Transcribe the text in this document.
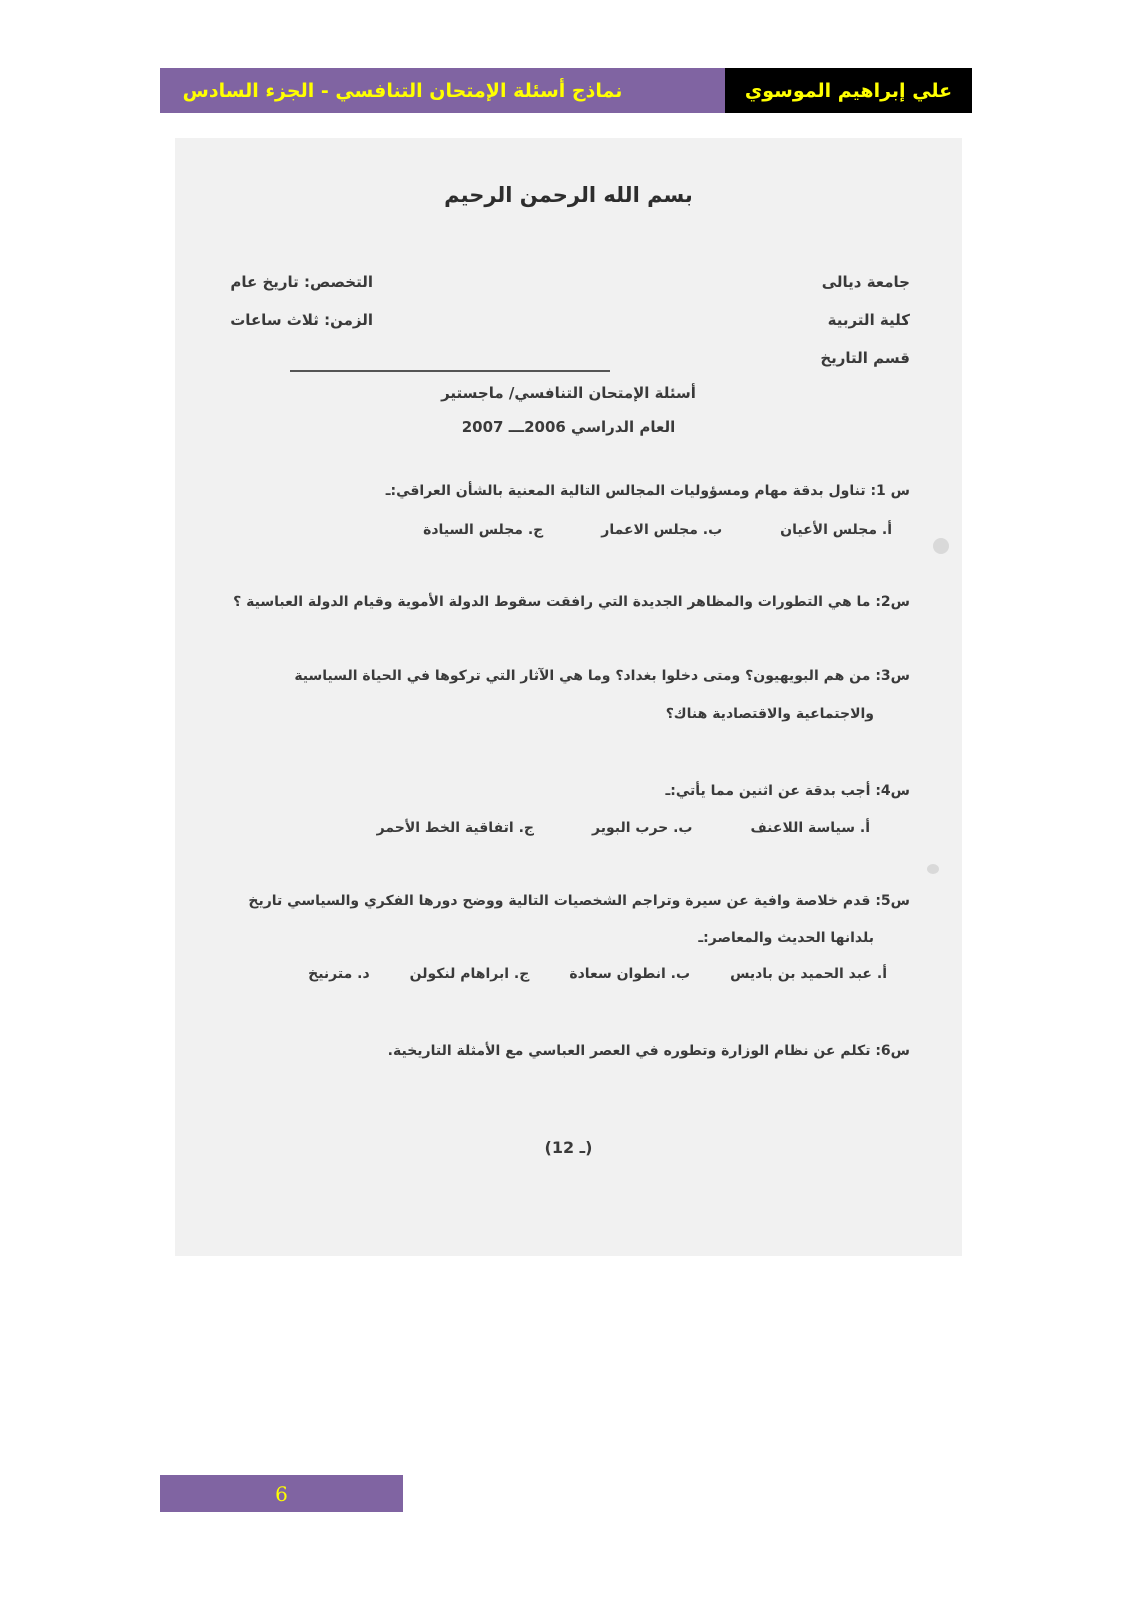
نماذج أسئلة الإمتحان التنافسي - الجزء السادس	علي إبراهيم الموسوي
بسم الله الرحمن الرحيم
جامعة ديالى
كلية التربية
قسم التاريخ
التخصص: تاريخ عام
الزمن: ثلاث ساعات
أسئلة الإمتحان التنافسي/ ماجستير
العام الدراسي 2006ـــ 2007
س 1: تناول بدقة مهام ومسؤوليات المجالس التالية المعنية بالشأن العراقي:ـ
أ. مجلس الأعيان
ب. مجلس الاعمار
ج. مجلس السيادة
س2: ما هي التطورات والمظاهر الجديدة التي رافقت سقوط الدولة الأموية وقيام الدولة العباسية ؟
س3: من هم البويهيون؟ ومتى دخلوا بغداد؟ وما هي الآثار التي تركوها في الحياة السياسية
والاجتماعية والاقتصادية هناك؟
س4: أجب بدقة عن اثنين مما يأتي:ـ
أ. سياسة اللاعنف
ب. حرب البوير
ج. اتفاقية الخط الأحمر
س5: قدم خلاصة وافية عن سيرة وتراجم الشخصيات التالية ووضح دورها الفكري والسياسي تاريخ
بلدانها الحديث والمعاصر:ـ
أ. عبد الحميد بن باديس
ب. انطوان سعادة
ج. ابراهام لنكولن
د. مترنيخ
س6: تكلم عن نظام الوزارة وتطوره في العصر العباسي مع الأمثلة التاريخية.
(1ـ 2)
6
